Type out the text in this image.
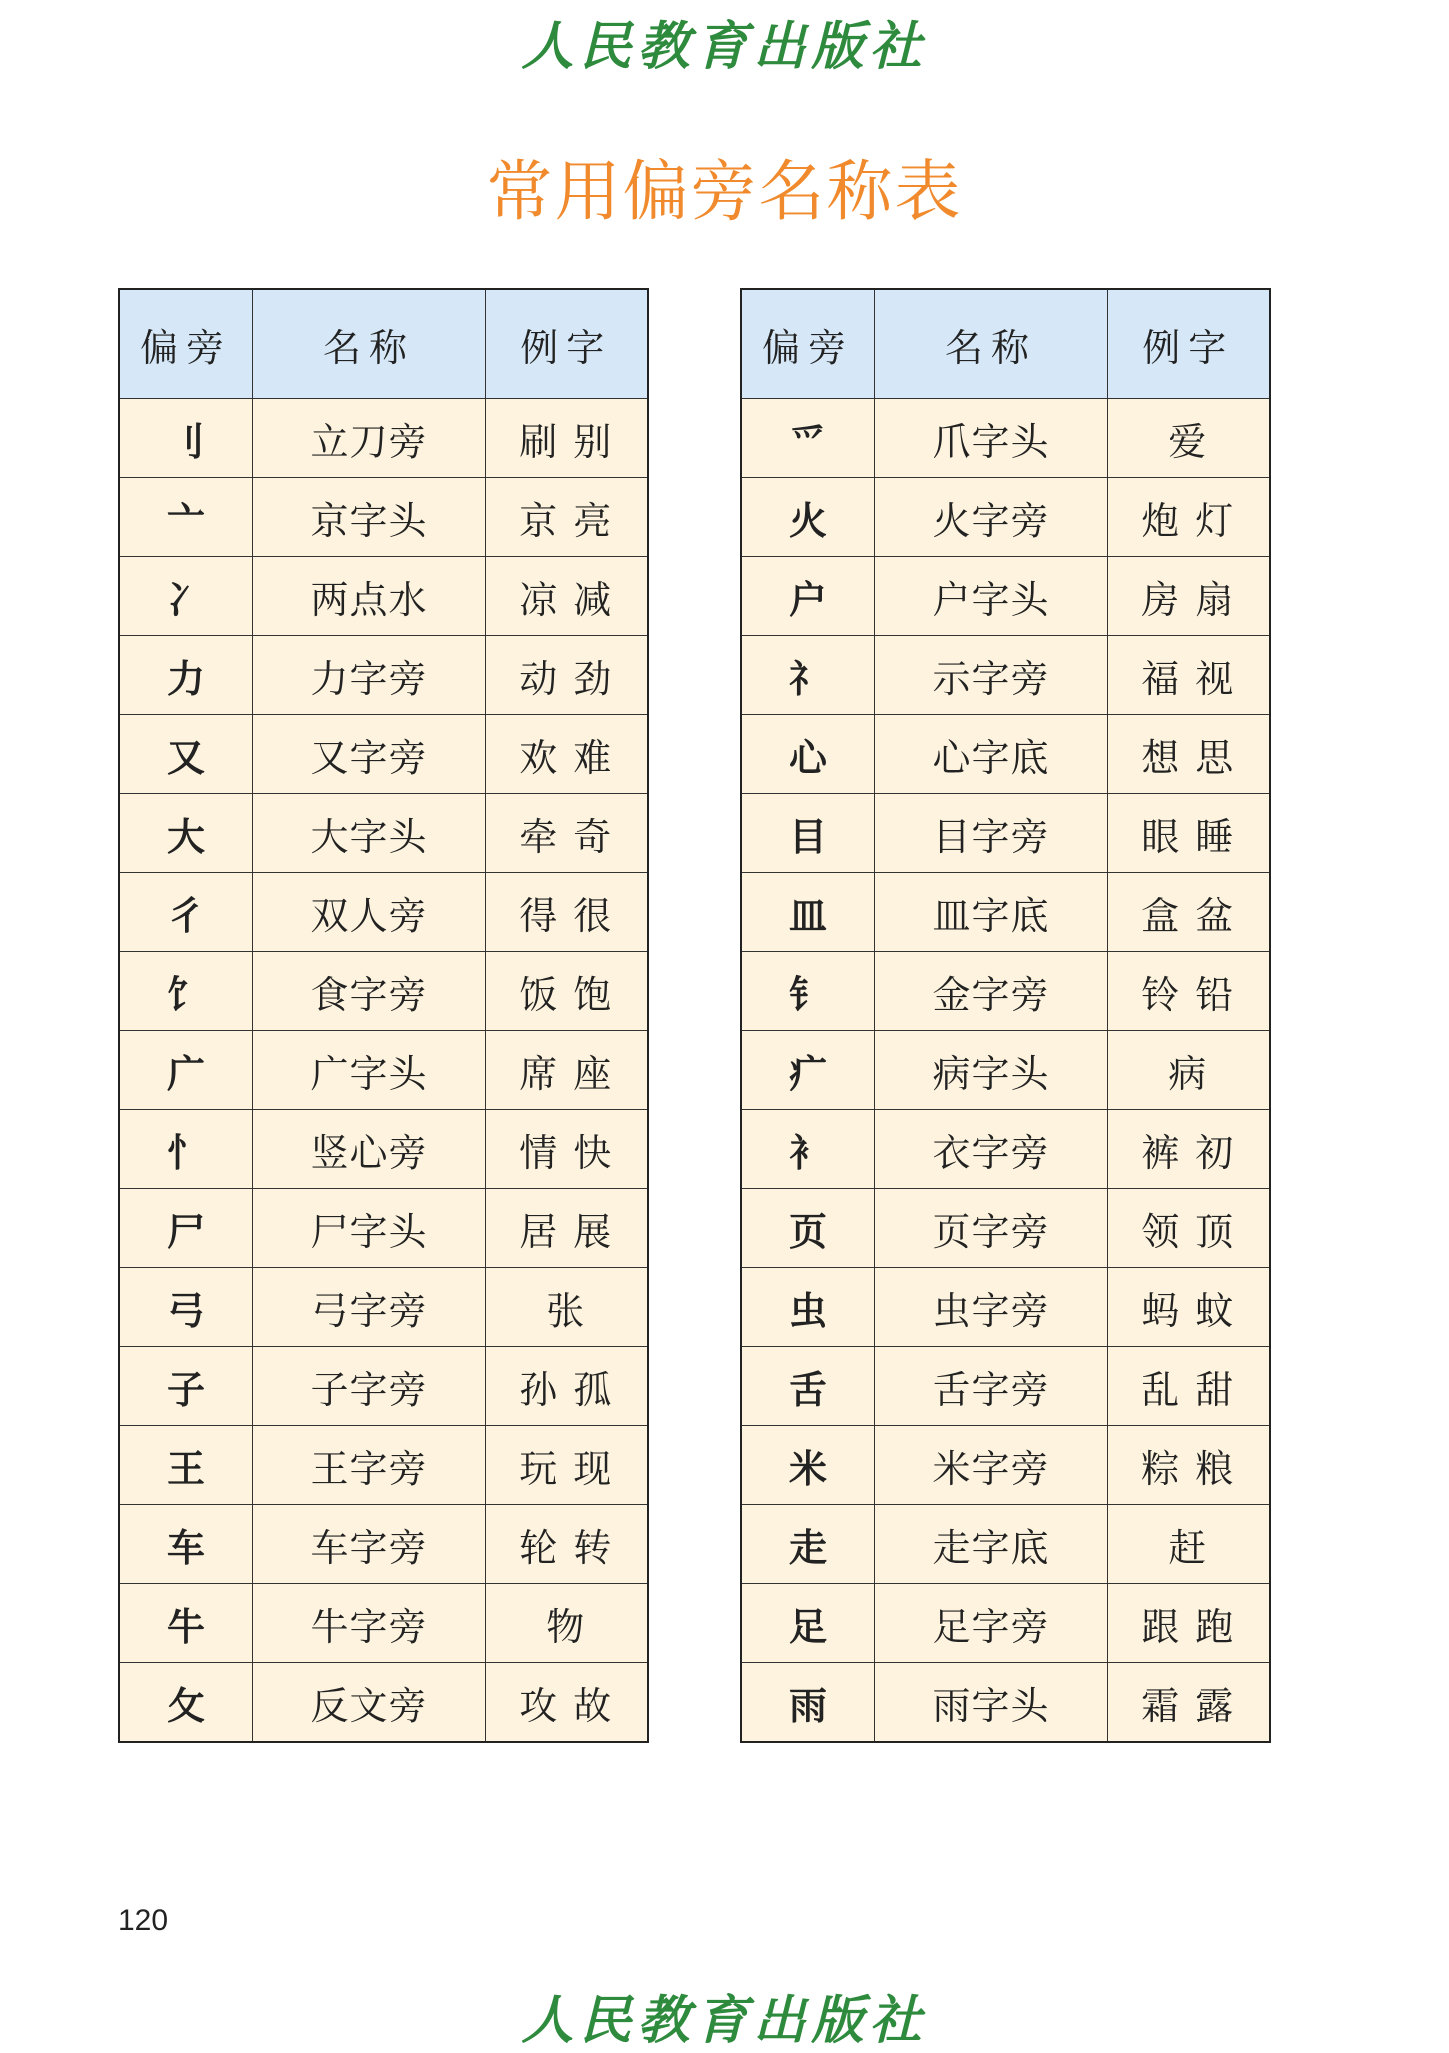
人民教育出版社
常用偏旁名称表
偏旁	名称	例字
刂	立刀旁	刷 别
亠	京字头	京 亮
冫	两点水	凉 减
力	力字旁	动 劲
又	又字旁	欢 难
大	大字头	牵 奇
彳	双人旁	得 很
饣	食字旁	饭 饱
广	广字头	席 座
忄	竖心旁	情 快
尸	尸字头	居 展
弓	弓字旁	张
子	子字旁	孙 孤
王	王字旁	玩 现
车	车字旁	轮 转
牛	牛字旁	物
攵	反文旁	攻 故
偏旁	名称	例字
爫	爪字头	爱
火	火字旁	炮 灯
户	户字头	房 扇
礻	示字旁	福 视
心	心字底	想 思
目	目字旁	眼 睡
皿	皿字底	盒 盆
钅	金字旁	铃 铅
疒	病字头	病
衤	衣字旁	裤 初
页	页字旁	领 顶
虫	虫字旁	蚂 蚊
舌	舌字旁	乱 甜
米	米字旁	粽 粮
走	走字底	赶
足	足字旁	跟 跑
雨	雨字头	霜 露
120
人民教育出版社
